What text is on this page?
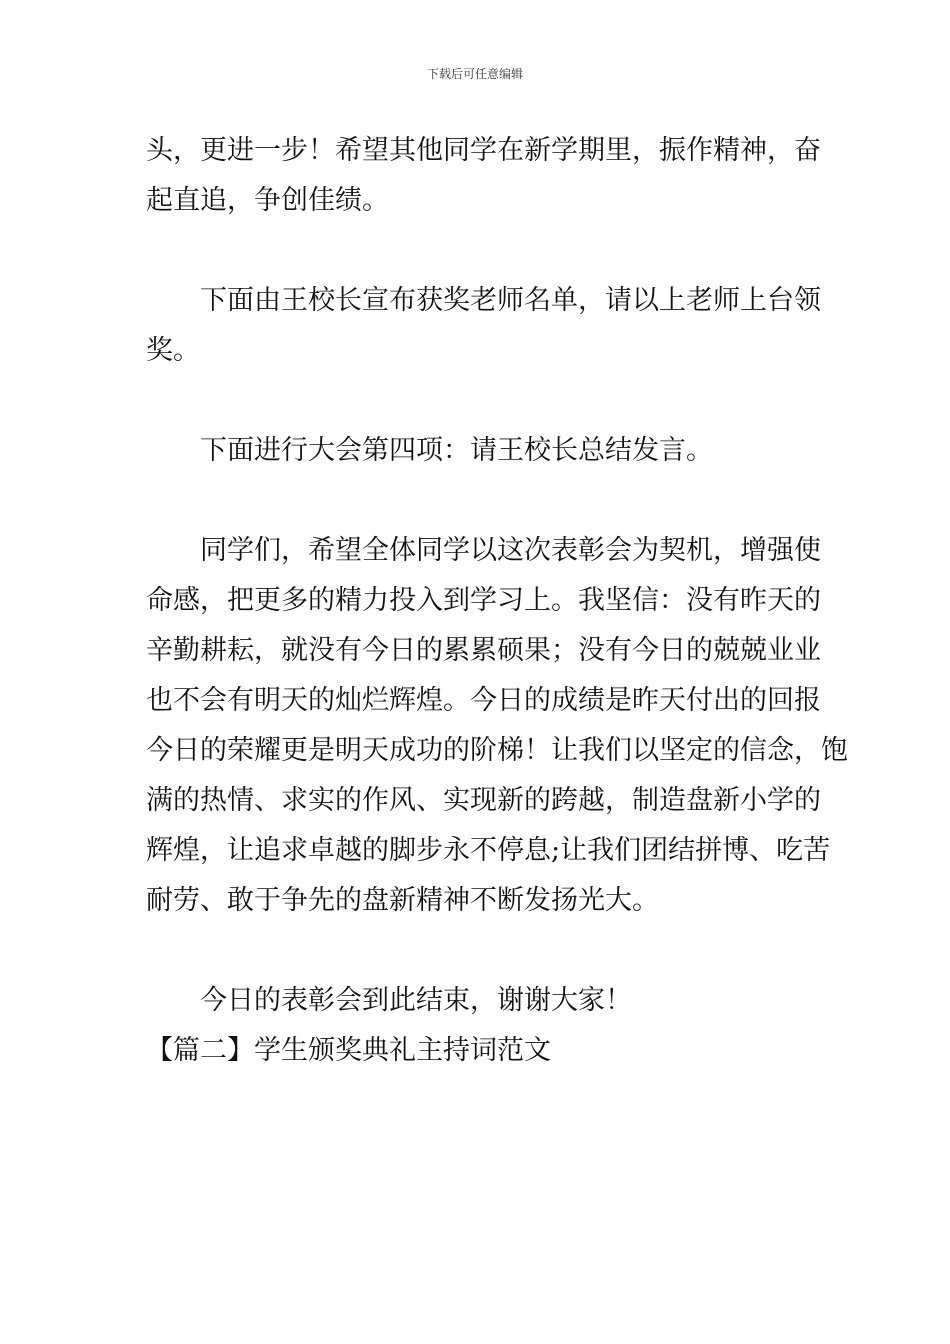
下载后可任意编辑

头，更进一步！希望其他同学在新学期里，振作精神，奋
起直追，争创佳绩。

下面由王校长宣布获奖老师名单，请以上老师上台领
奖。

下面进行大会第四项：请王校长总结发言。

同学们，希望全体同学以这次表彰会为契机，增强使
命感，把更多的精力投入到学习上。我坚信：没有昨天的
辛勤耕耘，就没有今日的累累硕果；没有今日的兢兢业业
也不会有明天的灿烂辉煌。今日的成绩是昨天付出的回报
今日的荣耀更是明天成功的阶梯！让我们以坚定的信念，饱
满的热情、求实的作风、实现新的跨越，制造盘新小学的
辉煌，让追求卓越的脚步永不停息;让我们团结拼博、吃苦
耐劳、敢于争先的盘新精神不断发扬光大。

今日的表彰会到此结束，谢谢大家！

【篇二】学生颁奖典礼主持词范文
